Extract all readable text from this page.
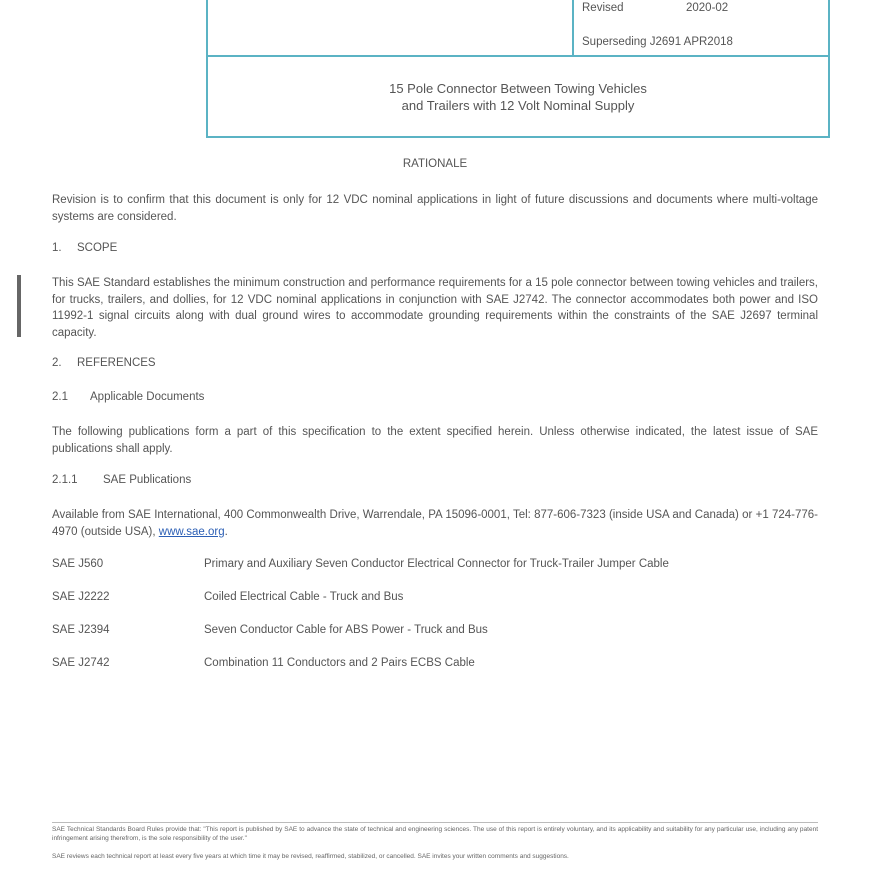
Revised	2020-02
Superseding J2691 APR2018
15 Pole Connector Between Towing Vehicles
and Trailers with 12 Volt Nominal Supply
RATIONALE
Revision is to confirm that this document is only for 12 VDC nominal applications in light of future discussions and documents where multi-voltage systems are considered.
1. SCOPE
This SAE Standard establishes the minimum construction and performance requirements for a 15 pole connector between towing vehicles and trailers, for trucks, trailers, and dollies, for 12 VDC nominal applications in conjunction with SAE J2742. The connector accommodates both power and ISO 11992-1 signal circuits along with dual ground wires to accommodate grounding requirements within the constraints of the SAE J2697 terminal capacity.
2. REFERENCES
2.1 Applicable Documents
The following publications form a part of this specification to the extent specified herein. Unless otherwise indicated, the latest issue of SAE publications shall apply.
2.1.1 SAE Publications
Available from SAE International, 400 Commonwealth Drive, Warrendale, PA 15096-0001, Tel: 877-606-7323 (inside USA and Canada) or +1 724-776-4970 (outside USA), www.sae.org.
SAE J560	Primary and Auxiliary Seven Conductor Electrical Connector for Truck-Trailer Jumper Cable
SAE J2222	Coiled Electrical Cable - Truck and Bus
SAE J2394	Seven Conductor Cable for ABS Power - Truck and Bus
SAE J2742	Combination 11 Conductors and 2 Pairs ECBS Cable
SAE Technical Standards Board Rules provide that: "This report is published by SAE to advance the state of technical and engineering sciences. The use of this report is entirely voluntary, and its applicability and suitability for any particular use, including any patent infringement arising therefrom, is the sole responsibility of the user."
SAE reviews each technical report at least every five years at which time it may be revised, reaffirmed, stabilized, or cancelled. SAE invites your written comments and suggestions.
